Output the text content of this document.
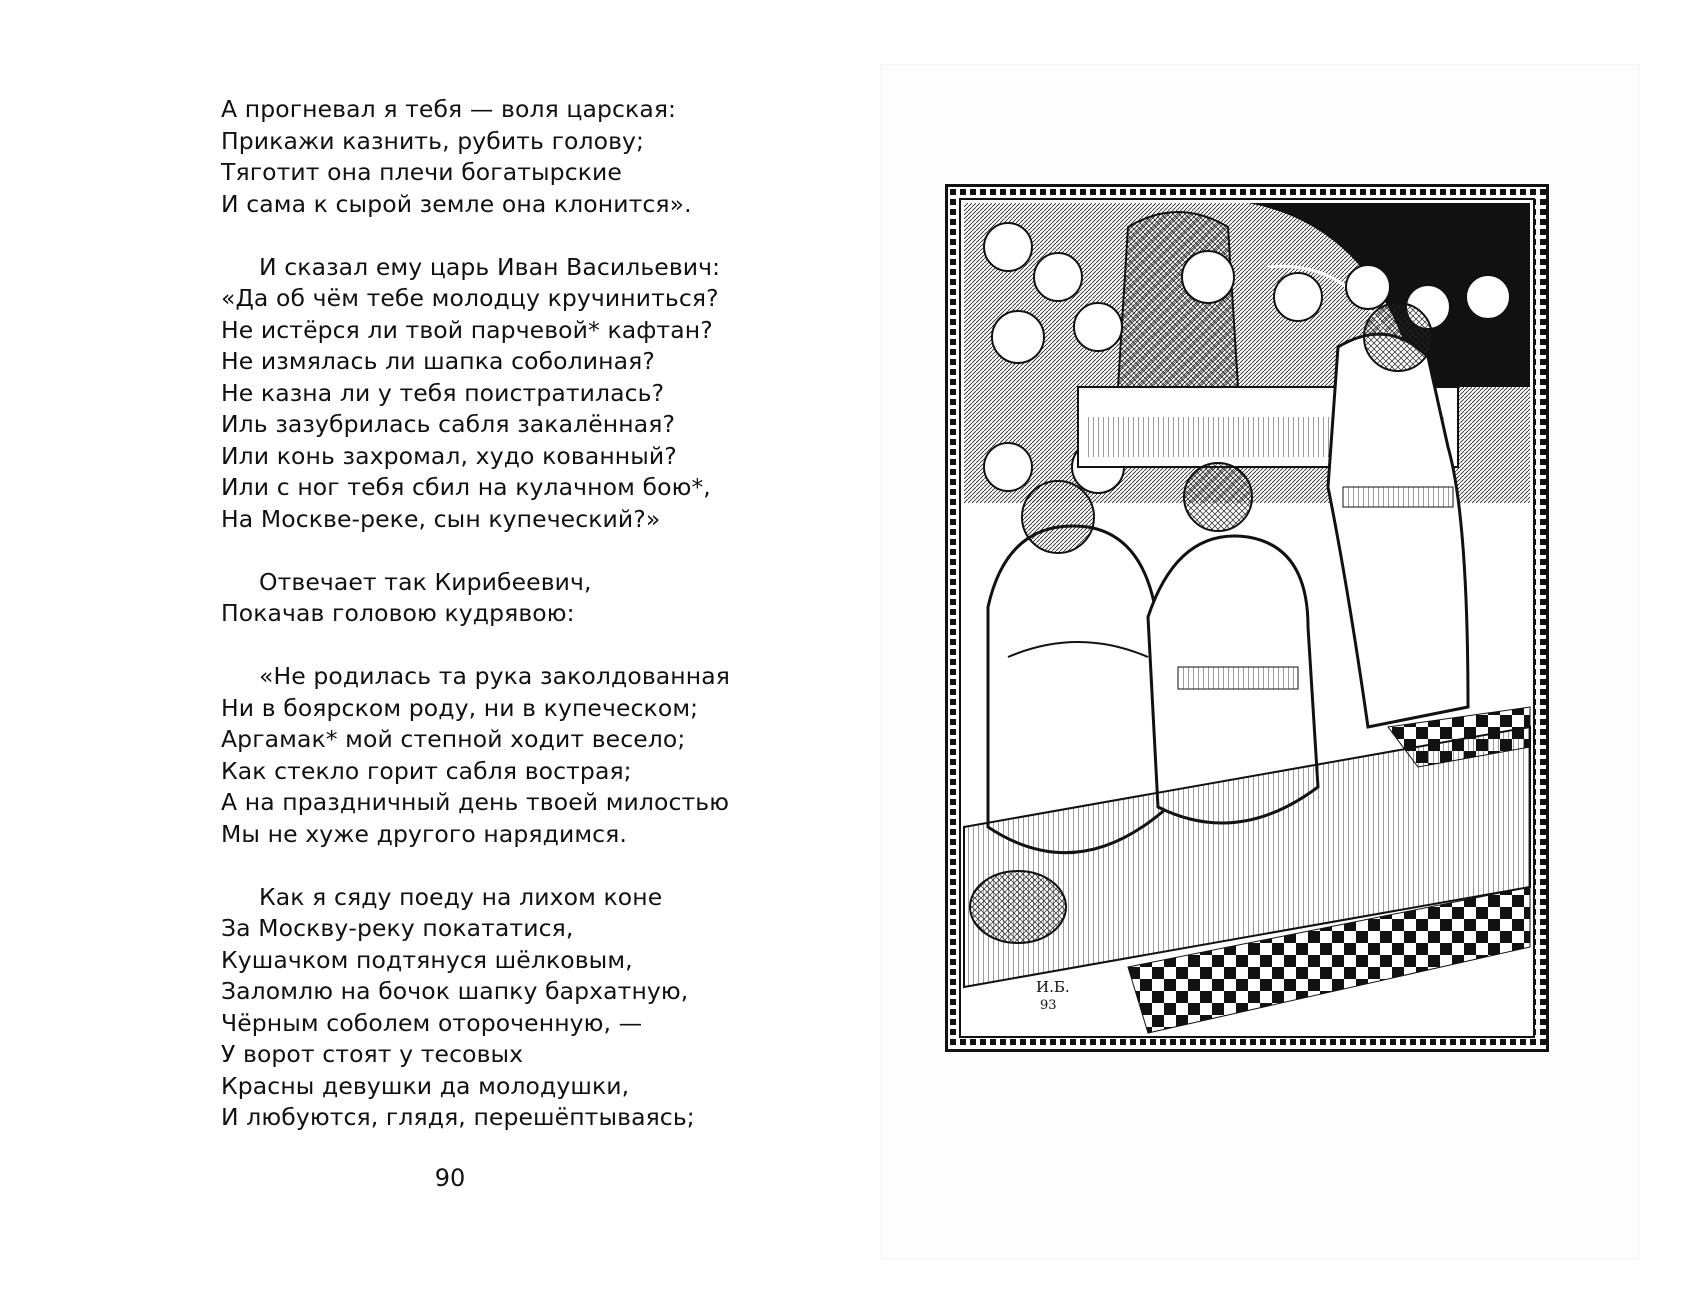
А прогневал я тебя — воля царская:
Прикажи казнить, рубить голову;
Тяготит она плечи богатырские
И сама к сырой земле она клонится».
И сказал ему царь Иван Васильевич:
«Да об чём тебе молодцу кручиниться?
Не истёрся ли твой парчевой* кафтан?
Не измялась ли шапка соболиная?
Не казна ли у тебя поистратилась?
Иль зазубрилась сабля закалённая?
Или конь захромал, худо кованный?
Или с ног тебя сбил на кулачном бою*,
На Москве-реке, сын купеческий?»
Отвечает так Кирибеевич,
Покачав головою кудрявою:
«Не родилась та рука заколдованная
Ни в боярском роду, ни в купеческом;
Аргамак* мой степной ходит весело;
Как стекло горит сабля вострая;
А на праздничный день твоей милостью
Мы не хуже другого нарядимся.
Как я сяду поеду на лихом коне
За Москву-реку покататися,
Кушачком подтянуся шёлковым,
Заломлю на бочок шапку бархатную,
Чёрным соболем отороченную, —
У ворот стоят у тесовых
Красны девушки да молодушки,
И любуются, глядя, перешёптываясь;
90
И.Б.
93
